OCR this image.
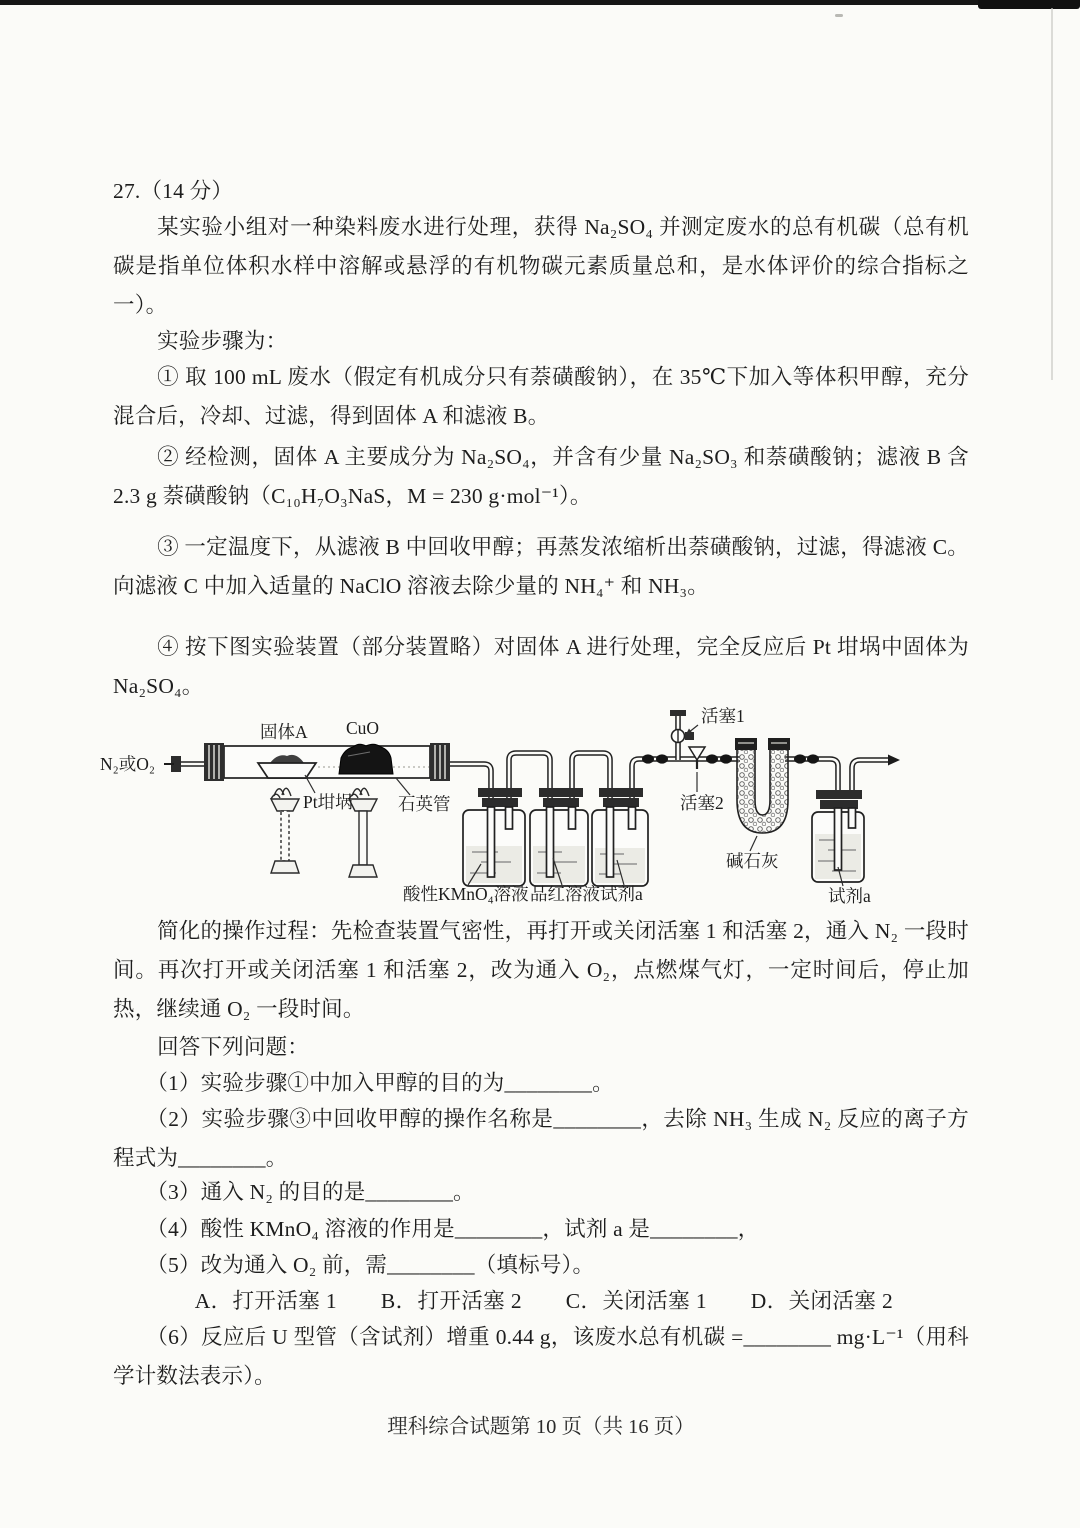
27.（14 分）

某实验小组对一种染料废水进行处理，获得 Na₂SO₄ 并测定废水的总有机碳（总有机碳是指单位体积水样中溶解或悬浮的有机物碳元素质量总和，是水体评价的综合指标之一）。

实验步骤为：

① 取 100 mL 废水（假定有机成分只有萘磺酸钠），在 35℃下加入等体积甲醇，充分混合后，冷却、过滤，得到固体 A 和滤液 B。

② 经检测，固体 A 主要成分为 Na₂SO₄，并含有少量 Na₂SO₃ 和萘磺酸钠；滤液 B 含 2.3 g 萘磺酸钠（C₁₀H₇O₃NaS，M = 230 g·mol⁻¹）。

③ 一定温度下，从滤液 B 中回收甲醇；再蒸发浓缩析出萘磺酸钠，过滤，得滤液 C。向滤液 C 中加入适量的 NaClO 溶液去除少量的 NH₄⁺ 和 NH₃。

④ 按下图实验装置（部分装置略）对固体 A 进行处理，完全反应后 Pt 坩埚中固体为 Na₂SO₄。

N₂或O₂
固体A CuO
Pt坩埚	石英管
酸性KMnO₄溶液 品红溶液 试剂a
活塞1
活塞2
碱石灰
试剂a

简化的操作过程：先检查装置气密性，再打开或关闭活塞 1 和活塞 2，通入 N₂ 一段时间。再次打开或关闭活塞 1 和活塞 2，改为通入 O₂，点燃煤气灯，一定时间后，停止加热，继续通 O₂ 一段时间。

回答下列问题：

（1）实验步骤①中加入甲醇的目的为________。

（2）实验步骤③中回收甲醇的操作名称是________，去除 NH₃ 生成 N₂ 反应的离子方程式为________。

（3）通入 N₂ 的目的是________。

（4）酸性 KMnO₄ 溶液的作用是________，试剂 a 是________，

（5）改为通入 O₂ 前，需________（填标号）。

A．打开活塞 1　　B．打开活塞 2　　C．关闭活塞 1　　D．关闭活塞 2

（6）反应后 U 型管（含试剂）增重 0.44 g，该废水总有机碳 =________ mg·L⁻¹（用科学计数法表示）。

理科综合试题第 10 页（共 16 页）
